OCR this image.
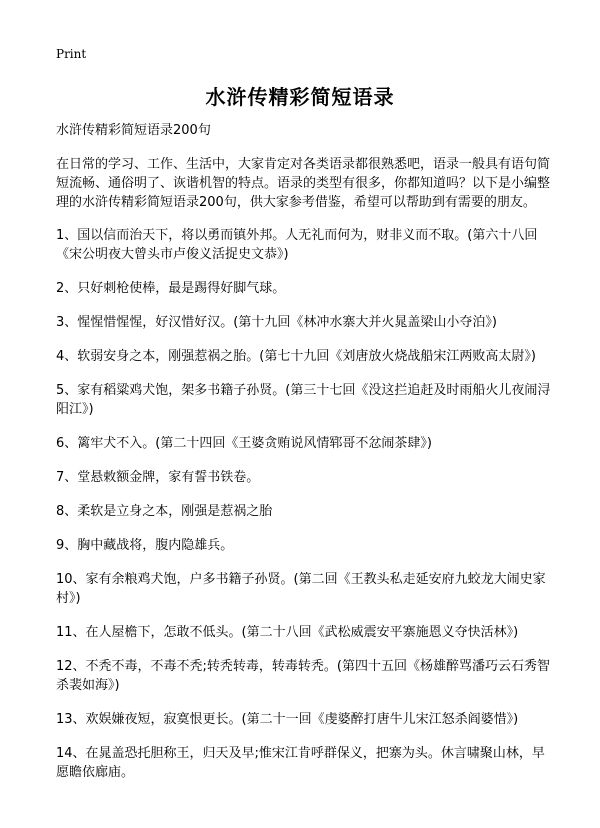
Print
水浒传精彩简短语录

水浒传精彩简短语录200句

在日常的学习、工作、生活中，大家肯定对各类语录都很熟悉吧，语录一般具有语句简短流畅、通俗明了、诙谐机智的特点。语录的类型有很多，你都知道吗？以下是小编整理的水浒传精彩简短语录200句，供大家参考借鉴，希望可以帮助到有需要的朋友。

1、国以信而治天下，将以勇而镇外邦。人无礼而何为，财非义而不取。(第六十八回《宋公明夜大曾头市卢俊义活捉史文恭》)

2、只好刺枪使棒，最是踢得好脚气球。

3、惺惺惜惺惺，好汉惜好汉。(第十九回《林冲水寨大并火晁盖梁山小夺泊》)

4、软弱安身之本，刚强惹祸之胎。(第七十九回《刘唐放火烧战船宋江两败高太尉》)

5、家有稻粱鸡犬饱，架多书籍子孙贤。(第三十七回《没这拦追赶及时雨船火儿夜闹浔阳江》)

6、篱牢犬不入。(第二十四回《王婆贪贿说风情郓哥不忿闹茶肆》)

7、堂悬敕额金牌，家有誓书铁卷。

8、柔软是立身之本，刚强是惹祸之胎

9、胸中藏战将，腹内隐雄兵。

10、家有余粮鸡犬饱，户多书籍子孙贤。(第二回《王教头私走延安府九蛟龙大闹史家村》)

11、在人屋檐下，怎敢不低头。(第二十八回《武松威震安平寨施恩义夺快活林》)

12、不秃不毒，不毒不秃;转秃转毒，转毒转秃。(第四十五回《杨雄醉骂潘巧云石秀智杀裴如海》)

13、欢娱嫌夜短，寂寞恨更长。(第二十一回《虔婆醉打唐牛儿宋江怒杀阎婆惜》)

14、在晁盖恐托胆称王，归天及早;惟宋江肯呼群保义，把寨为头。休言啸聚山林，早愿瞻依廊庙。
